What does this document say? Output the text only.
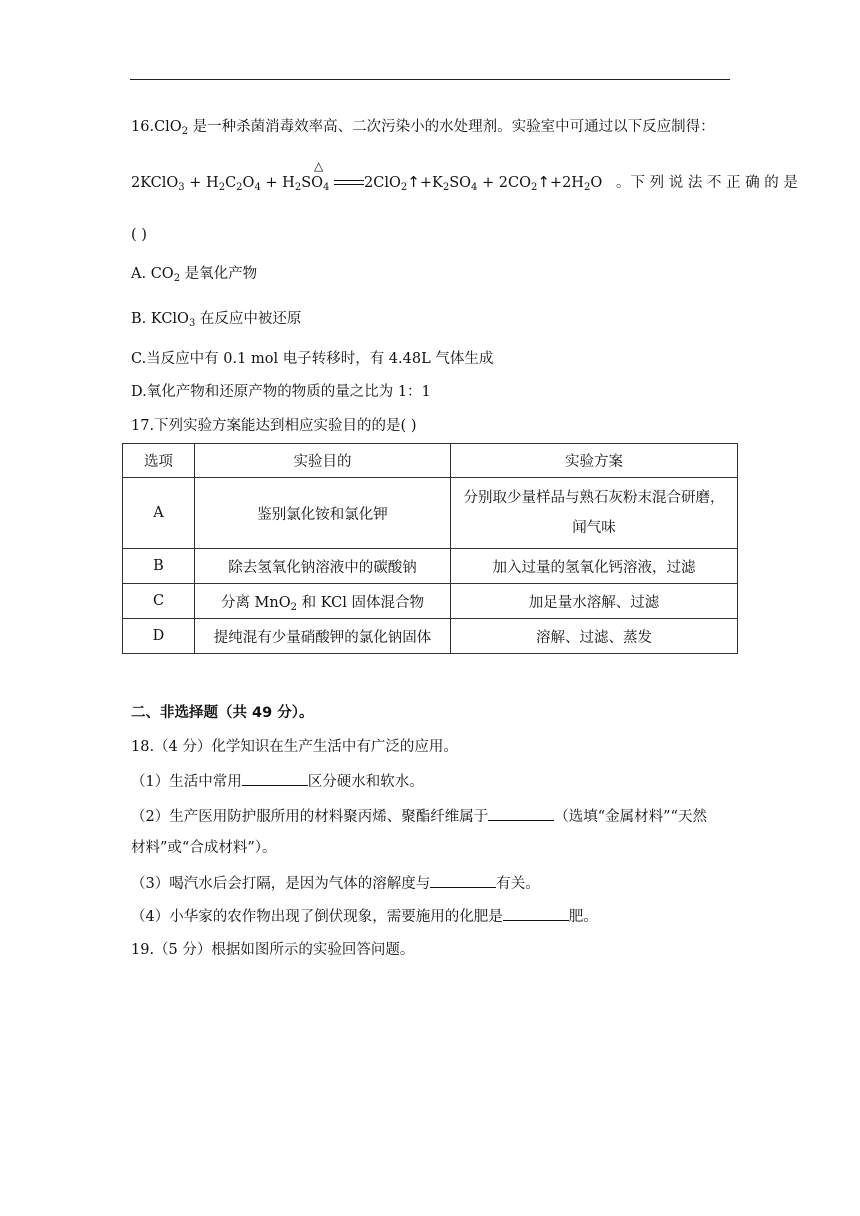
16.ClO$_2$ 是一种杀菌消毒效率高、二次污染小的水处理剂。实验室中可通过以下反应制得：
△
2KClO$_3$ + $H_2C_2O_4 + H_2SO_4$ $2ClO_2↑+K_2SO_4$ + $2CO_2↑+2H_2O$   。下 列 说 法 不 正 确 的 是
( )
A. $CO_2$ 是氧化产物
B. KClO$_3$ 在反应中被还原
C.当反应中有 0.1 mol 电子转移时，有 4.48L 气体生成
D.氧化产物和还原产物的物质的量之比为 1：1
17.下列实验方案能达到相应实验目的的是( )
选项	实验目的	实验方案
A	鉴别氯化铵和氯化钾	分别取少量样品与熟石灰粉末混合研磨，闻气味
B	除去氢氧化钠溶液中的碳酸钠	加入过量的氢氧化钙溶液，过滤
C	分离 MnO$_2$ 和 KCl 固体混合物	加足量水溶解、过滤
D	提纯混有少量硝酸钾的氯化钠固体	溶解、过滤、蒸发
二、非选择题（共 49 分）。
18.（4 分）化学知识在生产生活中有广泛的应用。
（1）生活中常用	区分硬水和软水。
（2）生产医用防护服所用的材料聚丙烯、聚酯纤维属于	（选填“金属材料”“天然
材料”或“合成材料”）。
（3）喝汽水后会打隔，是因为气体的溶解度与	有关。
（4）小华家的农作物出现了倒伏现象，需要施用的化肥是	肥。
19.（5 分）根据如图所示的实验回答问题。
